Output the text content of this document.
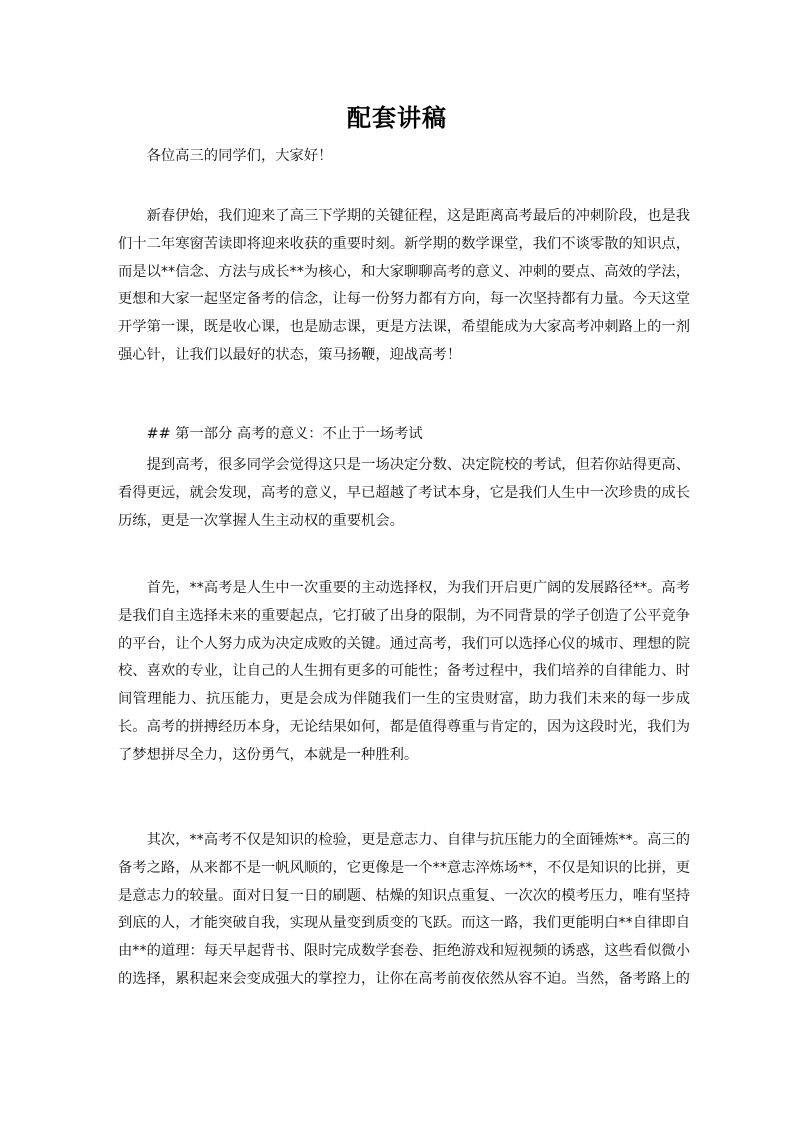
配套讲稿

各位高三的同学们，大家好！

新春伊始，我们迎来了高三下学期的关键征程，这是距离高考最后的冲刺阶段，也是我们十二年寒窗苦读即将迎来收获的重要时刻。新学期的数学课堂，我们不谈零散的知识点，而是以**信念、方法与成长**为核心，和大家聊聊高考的意义、冲刺的要点、高效的学法，更想和大家一起坚定备考的信念，让每一份努力都有方向，每一次坚持都有力量。今天这堂开学第一课，既是收心课，也是励志课，更是方法课，希望能成为大家高考冲刺路上的一剂强心针，让我们以最好的状态，策马扬鞭，迎战高考！

## 第一部分 高考的意义：不止于一场考试

提到高考，很多同学会觉得这只是一场决定分数、决定院校的考试，但若你站得更高、看得更远，就会发现，高考的意义，早已超越了考试本身，它是我们人生中一次珍贵的成长历练，更是一次掌握人生主动权的重要机会。

首先，**高考是人生中一次重要的主动选择权，为我们开启更广阔的发展路径**。高考是我们自主选择未来的重要起点，它打破了出身的限制，为不同背景的学子创造了公平竞争的平台，让个人努力成为决定成败的关键。通过高考，我们可以选择心仪的城市、理想的院校、喜欢的专业，让自己的人生拥有更多的可能性；备考过程中，我们培养的自律能力、时间管理能力、抗压能力，更是会成为伴随我们一生的宝贵财富，助力我们未来的每一步成长。高考的拼搏经历本身，无论结果如何，都是值得尊重与肯定的，因为这段时光，我们为了梦想拼尽全力，这份勇气，本就是一种胜利。

其次，**高考不仅是知识的检验，更是意志力、自律与抗压能力的全面锤炼**。高三的备考之路，从来都不是一帆风顺的，它更像是一个**意志淬炼场**，不仅是知识的比拼，更是意志力的较量。面对日复一日的刷题、枯燥的知识点重复、一次次的模考压力，唯有坚持到底的人，才能突破自我，实现从量变到质变的飞跃。而这一路，我们更能明白**自律即自由**的道理：每天早起背书、限时完成数学套卷、拒绝游戏和短视频的诱惑，这些看似微小的选择，累积起来会变成强大的掌控力，让你在高考前夜依然从容不迫。当然，备考路上的
